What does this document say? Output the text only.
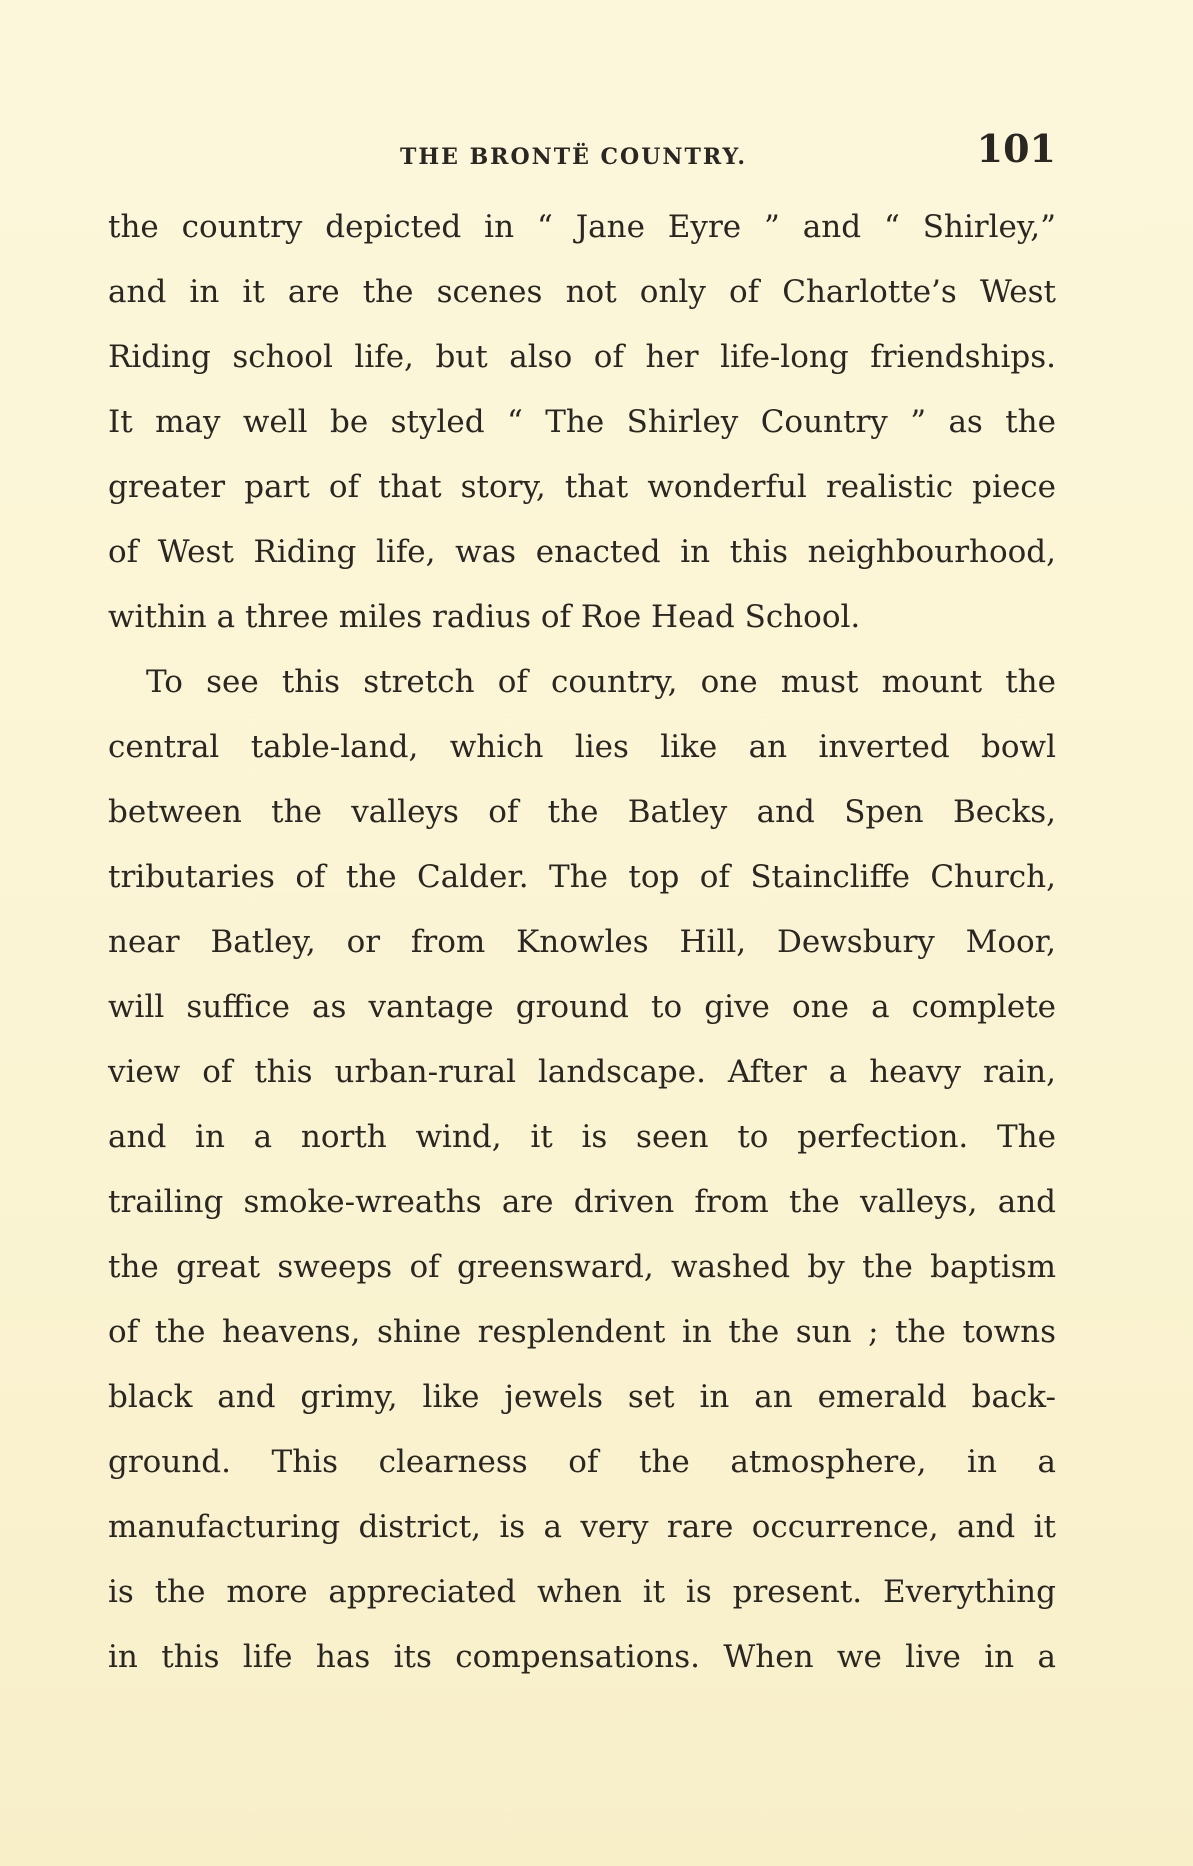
THE BRONTË COUNTRY.	101
the country depicted in “ Jane Eyre ” and “ Shirley,”
and in it are the scenes not only of Charlotte’s West
Riding school life, but also of her life-long friendships.
It may well be styled “ The Shirley Country ” as the
greater part of that story, that wonderful realistic piece
of West Riding life, was enacted in this neighbourhood,
within a three miles radius of Roe Head School.
To see this stretch of country, one must mount the
central table-land, which lies like an inverted bowl
between the valleys of the Batley and Spen Becks,
tributaries of the Calder. The top of Staincliffe Church,
near Batley, or from Knowles Hill, Dewsbury Moor,
will suffice as vantage ground to give one a complete
view of this urban-rural landscape. After a heavy rain,
and in a north wind, it is seen to perfection. The
trailing smoke-wreaths are driven from the valleys, and
the great sweeps of greensward, washed by the baptism
of the heavens, shine resplendent in the sun ; the towns
black and grimy, like jewels set in an emerald back-
ground. This clearness of the atmosphere, in a
manufacturing district, is a very rare occurrence, and it
is the more appreciated when it is present. Everything
in this life has its compensations. When we live in a
